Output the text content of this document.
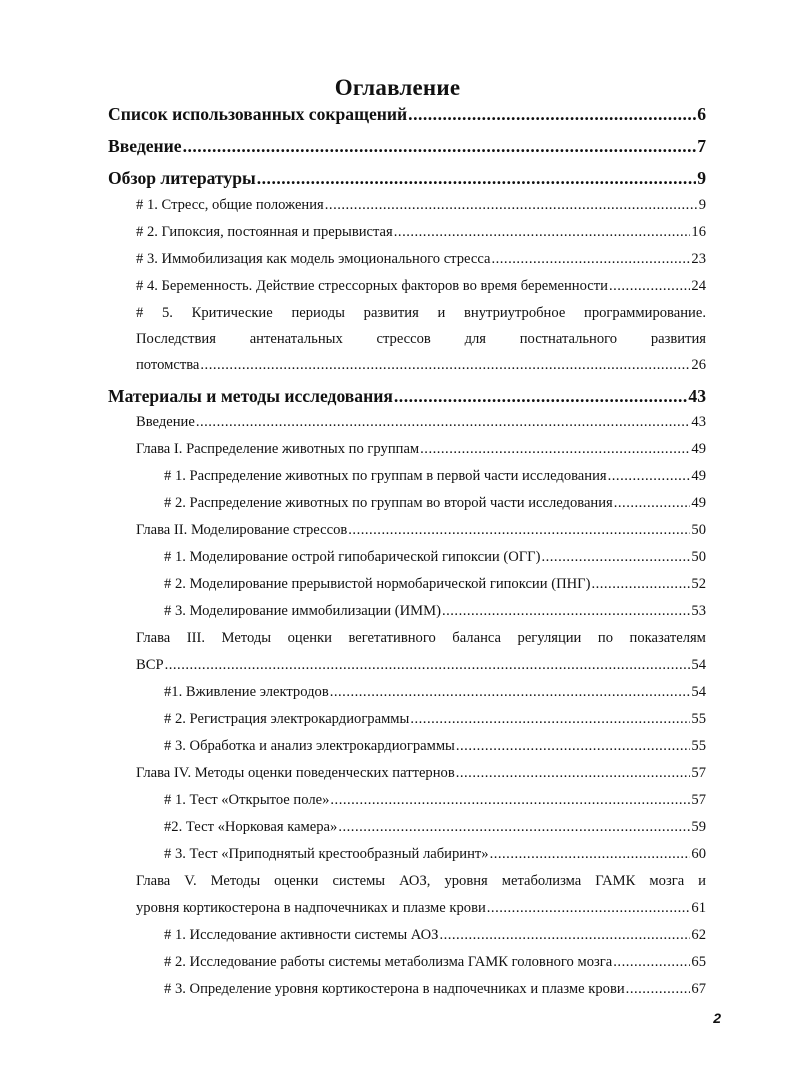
Оглавление
Список использованных сокращений .....	6
Введение .....	7
Обзор литературы .....	9
# 1. Стресс, общие положения .....	9
# 2. Гипоксия, постоянная и прерывистая .....	16
# 3. Иммобилизация как модель эмоционального стресса .....	23
# 4. Беременность. Действие стрессорных факторов во время беременности .....	24
# 5. Критические периоды развития и внутриутробное программирование.
Последствия антенатальных стрессов для постнатального развития
потомства .....	26
Материалы и методы исследования .....	43
Введение .....	43
Глава I. Распределение животных по группам .....	49
# 1. Распределение животных по группам в первой части исследования .....	49
# 2. Распределение животных по группам во второй части исследования .....	49
Глава II. Моделирование стрессов .....	50
# 1. Моделирование острой гипобарической гипоксии (ОГГ) .....	50
# 2. Моделирование прерывистой нормобарической гипоксии (ПНГ) .....	52
# 3. Моделирование иммобилизации (ИММ) .....	53
Глава III. Методы оценки вегетативного баланса регуляции по показателям
ВСР .....	54
#1. Вживление электродов .....	54
# 2. Регистрация электрокардиограммы .....	55
# 3. Обработка и анализ электрокардиограммы .....	55
Глава IV. Методы оценки поведенческих паттернов .....	57
# 1. Тест «Открытое поле» .....	57
#2. Тест «Норковая камера» .....	59
# 3. Тест «Приподнятый крестообразный лабиринт» .....	60
Глава V. Методы оценки системы АОЗ, уровня метаболизма ГАМК мозга и
уровня кортикостерона в надпочечниках и плазме крови .....	61
# 1. Исследование активности системы АОЗ .....	62
# 2. Исследование работы системы метаболизма ГАМК головного мозга .....	65
# 3. Определение уровня кортикостерона в надпочечниках и плазме крови .....	67
2
